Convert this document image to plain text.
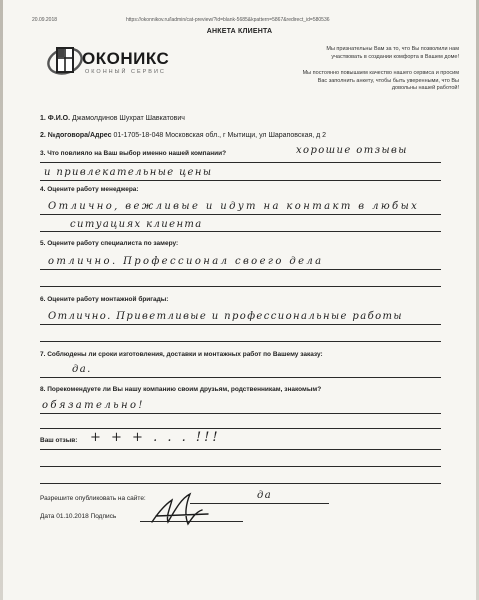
20.09.2018	https://okonnikov.ru/ladmin/cat-preview/?id=blank-5685&kpattern=5867&redirect_id=580536
АНКЕТА КЛИЕНТА
ОКОНИКС
ОКОННЫЙ СЕРВИС
Мы признательны Вам за то, что Вы позволили нам
участвовать в создании комфорта в Вашем доме!
Мы постоянно повышаем качество нашего сервиса и просим
Вас заполнить анкету, чтобы быть уверенными, что Вы
довольны нашей работой!
1. Ф.И.О. Джамолдинов Шухрат Шавкатович
2. №договора/Адрес 01-1705-18-048 Московская обл., г Мытищи, ул Шараповская, д 2
3. Что повлияло на Ваш выбор именно нашей компании?	хорошие отзывы
и привлекательные цены
4. Оцените работу менеджера:
Отлично, вежливые и идут на контакт в любых
ситуациях клиента
5. Оцените работу специалиста по замеру:
отлично. Профессионал своего дела
6. Оцените работу монтажной бригады:
Отлично. Приветливые и профессиональные работы
7. Соблюдены ли сроки изготовления, доставки и монтажных работ по Вашему заказу:
да.
8. Порекомендуете ли Вы нашу компанию своим друзьям, родственникам, знакомым?
обязательно!
Ваш отзыв: + + + . . . !!!
Разрешите опубликовать на сайте:	да
Дата 01.10.2018 Подпись
